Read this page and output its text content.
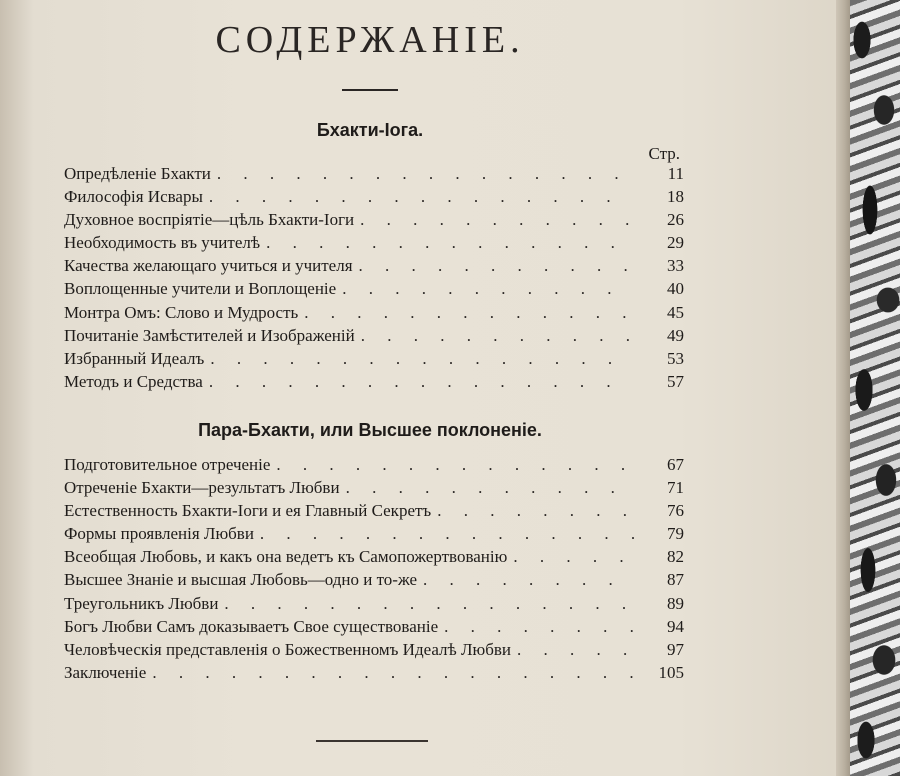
СОДЕРЖАНІЕ.
Бхакти-Іога.
Стр.
Опредѣленіе Бхакти . . .	11
Философія Исвары . . .	18
Духовное воспріятіе—цѣль Бхакти-Іоги . . .	26
Необходимость въ учителѣ . . .	29
Качества желающаго учиться и учителя . . .	33
Воплощенные учители и Воплощеніе . . .	40
Монтра Омъ: Слово и Мудрость . . .	45
Почитаніе Замѣстителей и Изображеній . . .	49
Избранный Идеалъ . . .	53
Методъ и Средства . . .	57
Пара-Бхакти, или Высшее поклоненіе.
Подготовительное отреченіе . . .	67
Отреченіе Бхакти—результатъ Любви . . .	71
Естественность Бхакти-Іоги и ея Главный Секретъ . . .	76
Формы проявленія Любви . . .	79
Всеобщая Любовь, и какъ она ведетъ къ Самопожертвованію . . .	82
Высшее Знаніе и высшая Любовь—одно и то-же . . .	87
Треугольникъ Любви . . .	89
Богъ Любви Самъ доказываетъ Свое существованіе . . .	94
Человѣческія представленія о Божественномъ Идеалѣ Любви . . .	97
Заключеніе . . .	105
